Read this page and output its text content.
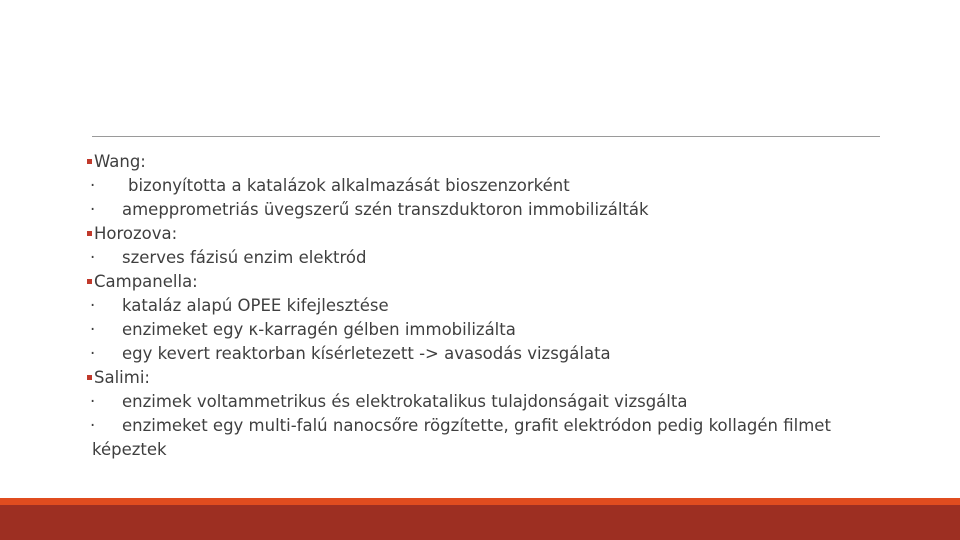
Wang:
· bizonyította a katalázok alkalmazását bioszenzorként
· amepprometriás üvegszerű szén transzduktoron immobilizálták
Horozova:
· szerves fázisú enzim elektród
Campanella:
· kataláz alapú OPEE kifejlesztése
· enzimeket egy κ-karragén gélben immobilizálta
· egy kevert reaktorban kísérletezett -> avasodás vizsgálata
Salimi:
· enzimek voltammetrikus és elektrokatalikus tulajdonságait vizsgálta
· enzimeket egy multi-falú nanocsőre rögzítette, grafit elektródon pedig kollagén filmet
képeztek
